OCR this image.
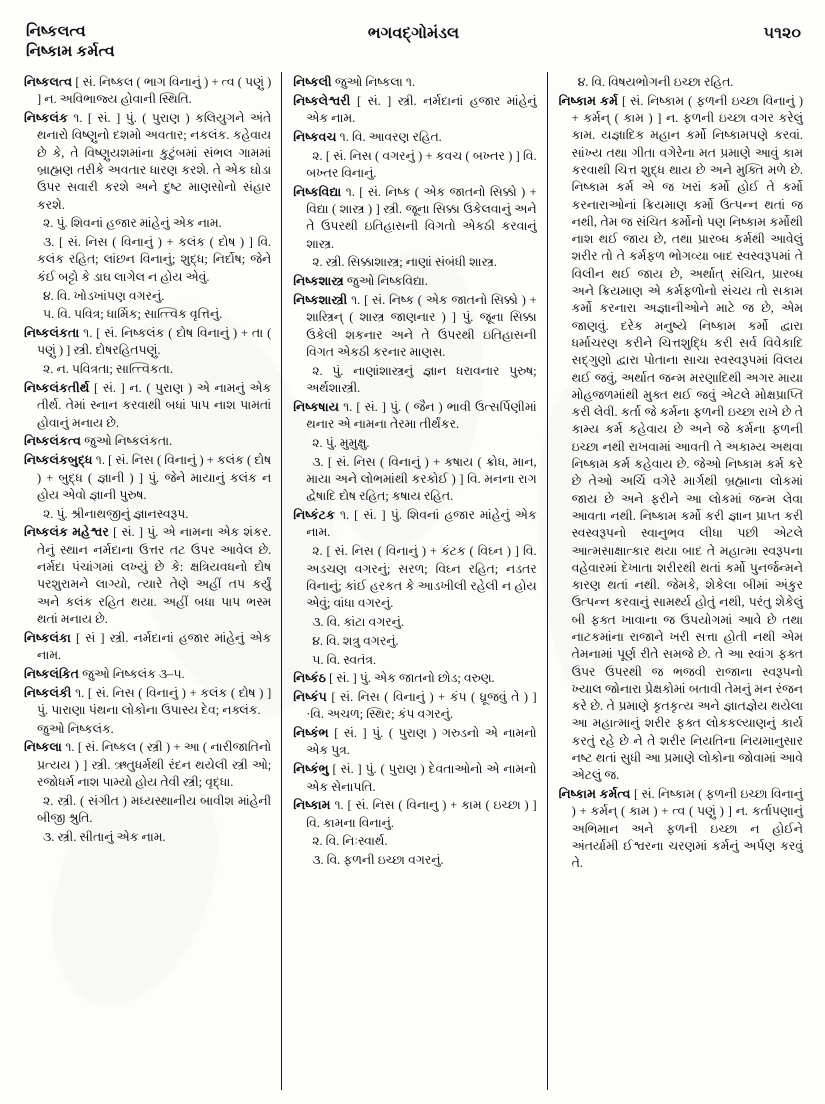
નિષ્કલત્વ
નિષ્કામ કર્મત્વ
ભગવદ્ગોમંડલ	૫૧૨૦

નિષ્કલત્વ [ સં. નિષ્કલ ( ભાગ વિનાનું ) + ત્વ ( પણું ) ] ન. અવિભાજ્ય હોવાની સ્થિતિ.

નિષ્કલંક ૧. [ સં. ] પું. ( પુરાણ ) કલિયુગને અંતે થનારો વિષ્ણુનો દશમો અવતાર; નકલંક. કહેવાય છે કે, તે વિષ્ણુયશમાંના કુટુંબમાં સંભલ ગામમાં બ્રાહ્મણ તરીકે અવતાર ધારણ કરશે. તે એક ઘોડા ઉપર સવારી કરશે અને દુષ્ટ માણસોનો સંહાર કરશે.

૨. પું. શિવનાં હજાર માંહેનું એક નામ.

૩. [ સં. નિસ ( વિનાનું ) + કલંક ( દોષ ) ] વિ. કલંક રહિત; લાંછન વિનાનું; શુદ્ધ; નિર્દોષ; જેને કંઈ બટ્ટો કે ડાઘ લાગેલ ન હોય એવું.

૪. વિ. ખોડખાંપણ વગરનું.

૫. વિ. પવિત્ર; ધાર્મિક; સાત્ત્વિક વૃત્તિનું.

નિષ્કલંકતા ૧. [ સં. નિષ્કલંક ( દોષ વિનાનું ) + તા ( પણું ) ] સ્ત્રી. દોષરહિતપણું.

૨. ન. પવિત્રતા; સાત્ત્વિકતા.

નિષ્કલંકતીર્થ [ સં. ] ન. ( પુરાણ ) એ નામનું એક તીર્થ. તેમાં સ્નાન કરવાથી બધાં પાપ નાશ પામતાં હોવાનું મનાય છે.

નિષ્કલંકત્વ જુઓ નિષ્કલંકતા.

નિષ્કલંકબુદ્ધ ૧. [ સં. નિસ ( વિનાનું ) + કલંક ( દોષ ) + બુદ્ધ ( જ્ઞાની ) ] પું. જેને માયાનું કલંક ન હોય એવો જ્ઞાની પુરુષ.

૨. પું. શ્રીનાથજીનું જ્ઞાનસ્વરૂપ.

નિષ્કલંક મહેશ્વર [ સં. ] પું. એ નામના એક શંકર. તેનું સ્થાન નર્મદાના ઉત્તર તટ ઉપર આવેલ છે. નર્મદા પંચાંગમાં લખ્યું છે કે: ક્ષત્રિયવધનો દોષ પરશુરામને લાગ્યો, ત્યારે તેણે અહીં તપ કર્યું અને કલંક રહિત થયા. અહીં બધા પાપ ભસ્મ થતાં મનાય છે.

નિષ્કલંકા [ સં ] સ્ત્રી. નર્મદાનાં હજાર માંહેનું એક નામ.

નિષ્કલંકિત જુઓ નિષ્કલંક ૩–૫.

નિષ્કલંકી ૧. [ સં. નિસ ( વિનાનું ) + કલંક ( દોષ ) ] પું. પારાણા પંથના લોકોના ઉપાસ્ય દેવ; નક્લંક.

જુઓ નિષ્કલંક.

નિષ્કલા ૧. [ સં. નિષ્કલ ( સ્ત્રી ) + આ ( નારીજાતિનો પ્રત્યય ) ] સ્ત્રી. ઋતુધર્મથી રંદન થયેલી સ્ત્રી ઓ; રજોધર્મ નાશ પામ્યો હોય તેવી સ્ત્રી; વૃદ્ધા.

૨. સ્ત્રી. ( સંગીત ) મધ્યસ્થાનીય બાવીશ માંહેની બીજી શ્રુતિ.

૩. સ્ત્રી. સીતાનું એક નામ.

નિષ્કલી જુઓ નિષ્કલા ૧.

નિષ્કલેશ્વરી [ સં. ] સ્ત્રી. નર્મદાનાં હજાર માંહેનું એક નામ.

નિષ્કવચ ૧. વિ. આવરણ રહિત.

૨. [ સં. નિસ ( વગરનું ) + કવચ ( બખ્તર ) ] વિ. બખ્તર વિનાનું.

નિષ્કવિદ્યા ૧. [ સં. નિષ્ક ( એક જાતનો સિક્કો ) + વિદ્યા ( શાસ્ત્ર ) ] સ્ત્રી. જૂના સિક્કા ઉકેલવાનું અને તે ઉપરથી ઇતિહાસની વિગતો એકઠી કરવાનું શાસ્ત્ર.

૨. સ્ત્રી. સિક્કાશાસ્ત્ર; નાણાં સંબંધી શાસ્ત્ર.

નિષ્કશાસ્ત્ર જુઓ નિષ્કવિદ્યા.

નિષ્કશાસ્ત્રી ૧. [ સં. નિષ્ક ( એક જાતનો સિક્કો ) + શાસ્ત્રિન્ ( શાસ્ત્ર જાણનાર ) ] પું. જૂના સિક્કા ઉકેલી શકનાર અને તે ઉપરથી ઇતિહાસની વિગત એકઠી કરનાર માણસ.

૨. પું. નાણાંશાસ્ત્રનું જ્ઞાન ધરાવનાર પુરુષ; અર્થશાસ્ત્રી.

નિષ્કષાય ૧. [ સં. ] પું. ( જૈન ) ભાવી ઉત્સર્પિણીમાં થનાર એ નામના તેરમા તીર્થંકર.

૨. પું. મુમુક્ષુ.

૩. [ સં. નિસ ( વિનાનું ) + કષાય ( ક્રોધ, માન, માયા અને લોભમાંથી કરકોઈ ) ] વિ. મનના રાગ દ્વેષાદિ દોષ રહિત; કષાય રહિત.

નિષ્કંટક ૧. [ સં. ] પું. શિવનાં હજાર માંહેનું એક નામ.

૨. [ સં. નિસ ( વિનાનું ) + કંટક ( વિઘ્ન ) ] વિ. અડચણ વગરનું; સરળ; વિઘ્ન રહિત; નડતર વિનાનું; કાંઈ હરકત કે આડખીલી રહેલી ન હોય એવું; વાંધા વગરનું.

૩. વિ. કાંટા વગરનું.

૪. વિ. શત્રુ વગરનું.

૫. વિ. સ્વતંત્ર.

નિષ્કંઠ [ સં. ] પું. એક જાતનો છોડ; વરુણ.

નિષ્કંપ [ સં. નિસ ( વિનાનું ) + કંપ ( ધ્રૂજવું તે ) ] ·વિ. અચળ; સ્થિર; કંપ વગરનું.

નિષ્કંભ [ સં. ] પું. ( પુરાણ ) ગરુડનો એ નામનો એક પુત્ર.

નિષ્કંભુ [ સં. ] પું. ( પુરાણ ) દેવતાઓનો એ નામનો એક સેનાપતિ.

નિષ્કામ ૧. [ સં. નિસ ( વિનાનુ ) + કામ ( ઇચ્છા ) ] વિ. કામના વિનાનું.

૨. વિ. નિઃસ્વાર્થ.

૩. વિ. ફળની ઇચ્છા વગરનું.

૪. વિ. વિષયભોગની ઇચ્છા રહિત.

નિષ્કામ કર્મ [ સં. નિષ્કામ ( ફળની ઇચ્છા વિનાનું ) + કર્મન્ ( કામ ) ] ન. ફળની ઇચ્છા વગર કરેલું કામ. યજ્ઞાદિક મહાન કર્મો નિષ્કામપણે કરવાં. સાંખ્ય તથા ગીતા વગેરેના મત પ્રમાણે આવું કામ કરવાથી ચિત્ત શુદ્ધ થાય છે અને મુક્તિ મળે છે. નિષ્કામ કર્મ એ જ ખરાં કર્મો હોઈ તે કર્મો કરનારાઓનાં ક્રિયમાણ કર્મો ઉત્પન્ન થતાં જ નથી, તેમ જ સંચિત કર્મોનો પણ નિષ્કામ કર્મોથી નાશ થઈ જાય છે, તથા પ્રારબ્ધ કર્મથી આવેલું શરીર તો તે કર્મફળ ભોગવ્યા બાદ સ્વસ્વરૂપમાં તે વિલીન થઈ જાય છે, અર્થાત્ સંચિત, પ્રારબ્ધ અને ક્રિયમાણ એ કર્મફળોનો સંચય તો સકામ કર્મો કરનારા અજ્ઞાનીઓને માટે જ છે, એમ જાણવું. દરેક મનુષ્યે નિષ્કામ કર્મો દ્વારા ધર્માચરણ કરીને ચિત્તશુદ્ધિ કરી સર્વ વિવેકાદિ સદ્ગુણો દ્વારા પોતાના સાચા સ્વસ્વરૂપમાં વિલય થઈ જવું, અર્થાત જન્મ મરણાદિથી અગર માયા મોહજળમાંથી મુક્ત થઈ જવું એટલે મોક્ષપ્રાપ્તિ કરી લેવી. કર્તા જે કર્મના ફળની ઇચ્છા રાખે છે તે કામ્ય કર્મ કહેવાય છે અને જે કર્મના ફળની ઇચ્છા નથી રાખવામાં આવતી તે અકામ્ય અથવા નિષ્કામ કર્મ કહેવાય છે. જેઓ નિષ્કામ કર્મ કરે છે તેઓ અર્ચિ વગેરે માર્ગથી બ્રહ્માના લોકમાં જાય છે અને ફરીને આ લોકમાં જન્મ લેવા આવતા નથી. નિષ્કામ કર્મો કરી જ્ઞાન પ્રાપ્ત કરી સ્વસ્વરૂપનો સ્વાનુભવ લીધા પછી એટલે આત્મસાક્ષાત્કાર થયા બાદ તે મહાત્મા સ્વરૂપના વહેવારમાં દેખાતા શરીરથી થતાં કર્મો પુનર્જન્મને કારણ થતાં નથી. જેમકે, શેકેલા બીમાં અંકુર ઉત્પન્ન કરવાનું સામર્થ્ય હોતું નથી, પરંતુ શેકેલું બી ફક્ત ખાવાના જ ઉપયોગમાં આવે છે તથા નાટકમાંના રાજાને ખરી સત્તા હોતી નથી એમ તેમનામાં પૂર્ણ રીતે સમજે છે. તે આ સ્વાંગ ફક્ત ઉપર ઉપરથી જ ભજવી રાજાના સ્વરૂપનો ખ્યાલ જોનારા પ્રેક્ષકોમાં બતાવી તેમનું મન રંજન કરે છે. તે પ્રમાણે કૃતકૃત્ય અને જ્ઞાતજ્ઞેય થયેલા આ મહાત્માનું શરીર ફક્ત લોકકલ્યાણનું કાર્ય કરતું રહે છે ને તે શરીર નિયતિના નિયમાનુસાર નષ્ટ થતાં સુધી આ પ્રમાણે લોકોના જોવામાં આવે એટલું જ.

નિષ્કામ કર્મત્વ [ સં. નિષ્કામ ( ફળની ઇચ્છા વિનાનું ) + કર્મન્ ( કામ ) + ત્વ ( પણું ) ] ન. કર્તાપણાનું અભિમાન અને ફળની ઇચ્છા ન હોઈને અંતર્યામી ઈશ્વરના ચરણમાં કર્મનું અર્પણ કરવું તે.
